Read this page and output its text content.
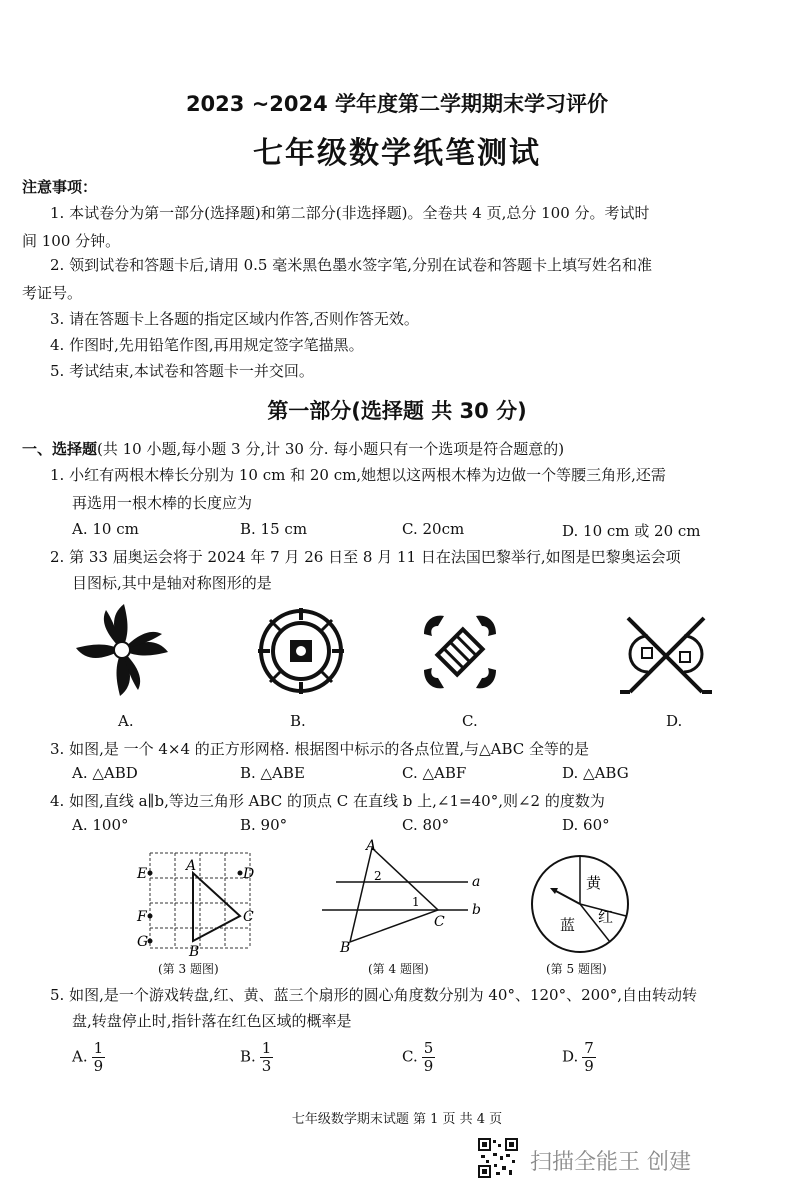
2023 ~2024 学年度第二学期期末学习评价
七年级数学纸笔测试
注意事项：
1. 本试卷分为第一部分(选择题)和第二部分(非选择题)。全卷共 4 页,总分 100 分。考试时
间 100 分钟。
2. 领到试卷和答题卡后,请用 0.5 毫米黑色墨水签字笔,分别在试卷和答题卡上填写姓名和准
考证号。
3. 请在答题卡上各题的指定区域内作答,否则作答无效。
4. 作图时,先用铅笔作图,再用规定签字笔描黑。
5. 考试结束,本试卷和答题卡一并交回。
第一部分(选择题 共 30 分)
一、选择题(共 10 小题,每小题 3 分,计 30 分. 每小题只有一个选项是符合题意的)
1. 小红有两根木棒长分别为 10 cm 和 20 cm,她想以这两根木棒为边做一个等腰三角形,还需
再选用一根木棒的长度应为
A. 10 cm	B. 15 cm	C. 20cm	D. 10 cm 或 20 cm
2. 第 33 届奥运会将于 2024 年 7 月 26 日至 8 月 11 日在法国巴黎举行,如图是巴黎奥运会项
目图标,其中是轴对称图形的是
A.	B.	C.	D.
3. 如图,是 一个 4×4 的正方形网格. 根据图中标示的各点位置,与△ABC 全等的是
A. △ABD	B. △ABE	C. △ABF	D. △ABG
4. 如图,直线 a∥b,等边三角形 ABC 的顶点 C 在直线 b 上,∠1=40°,则∠2 的度数为
A. 100°	B. 90°	C. 80°	D. 60°
A
B
C
D
E
F
G
(第 3 题图)
A
B
C
a
b
1
2
(第 4 题图)
黄
红
蓝
(第 5 题图)
5. 如图,是一个游戏转盘,红、黄、蓝三个扇形的圆心角度数分别为 40°、120°、200°,自由转动转
盘,转盘停止时,指针落在红色区域的概率是
A. $\frac{1}{9}$	B. $\frac{1}{3}$	C. $\frac{5}{9}$	D. $\frac{7}{9}$
七年级数学期末试题 第 1 页 共 4 页
扫描全能王 创建
